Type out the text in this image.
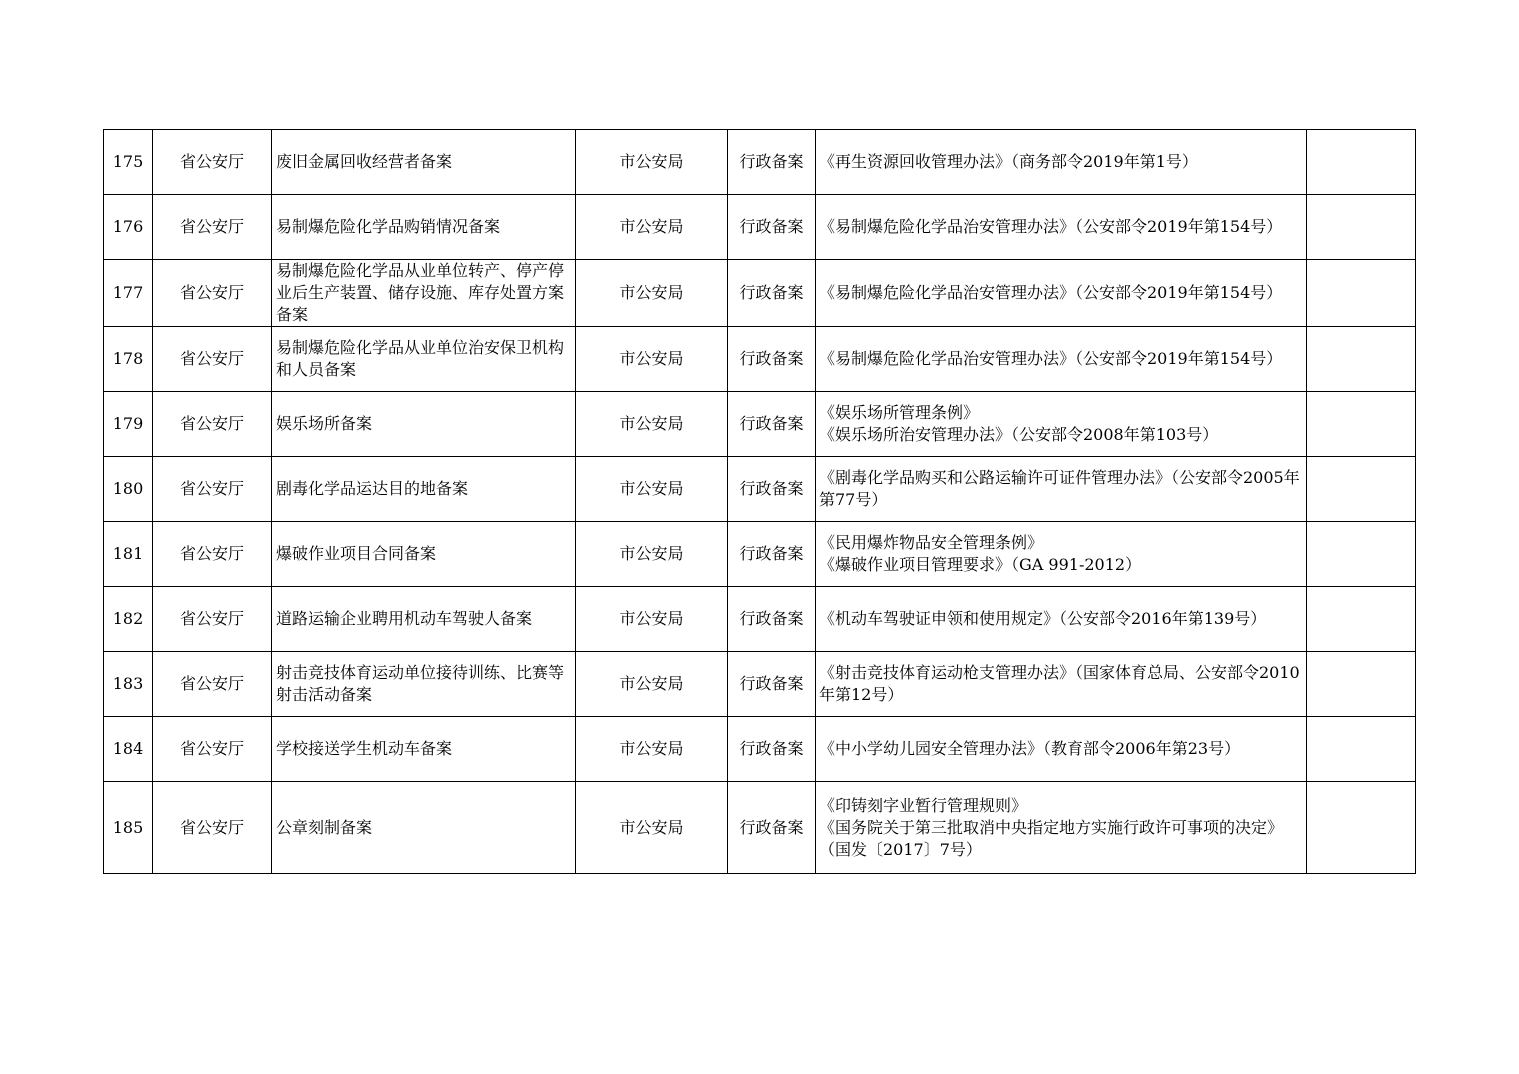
175	省公安厅	废旧金属回收经营者备案	市公安局	行政备案	《再生资源回收管理办法》（商务部令2019年第1号）	

176	省公安厅	易制爆危险化学品购销情况备案	市公安局	行政备案	《易制爆危险化学品治安管理办法》（公安部令2019年第154号）	

177	省公安厅	易制爆危险化学品从业单位转产、停产停业后生产装置、储存设施、库存处置方案备案	市公安局	行政备案	《易制爆危险化学品治安管理办法》（公安部令2019年第154号）	

178	省公安厅	易制爆危险化学品从业单位治安保卫机构和人员备案	市公安局	行政备案	《易制爆危险化学品治安管理办法》（公安部令2019年第154号）	

179	省公安厅	娱乐场所备案	市公安局	行政备案	《娱乐场所管理条例》
《娱乐场所治安管理办法》（公安部令2008年第103号）	

180	省公安厅	剧毒化学品运达目的地备案	市公安局	行政备案	《剧毒化学品购买和公路运输许可证件管理办法》（公安部令2005年第77号）	

181	省公安厅	爆破作业项目合同备案	市公安局	行政备案	《民用爆炸物品安全管理条例》
《爆破作业项目管理要求》（GA 991-2012）	

182	省公安厅	道路运输企业聘用机动车驾驶人备案	市公安局	行政备案	《机动车驾驶证申领和使用规定》（公安部令2016年第139号）	

183	省公安厅	射击竞技体育运动单位接待训练、比赛等射击活动备案	市公安局	行政备案	《射击竞技体育运动枪支管理办法》（国家体育总局、公安部令2010年第12号）	

184	省公安厅	学校接送学生机动车备案	市公安局	行政备案	《中小学幼儿园安全管理办法》（教育部令2006年第23号）	

185	省公安厅	公章刻制备案	市公安局	行政备案	《印铸刻字业暂行管理规则》
《国务院关于第三批取消中央指定地方实施行政许可事项的决定》（国发〔2017〕7号）	
